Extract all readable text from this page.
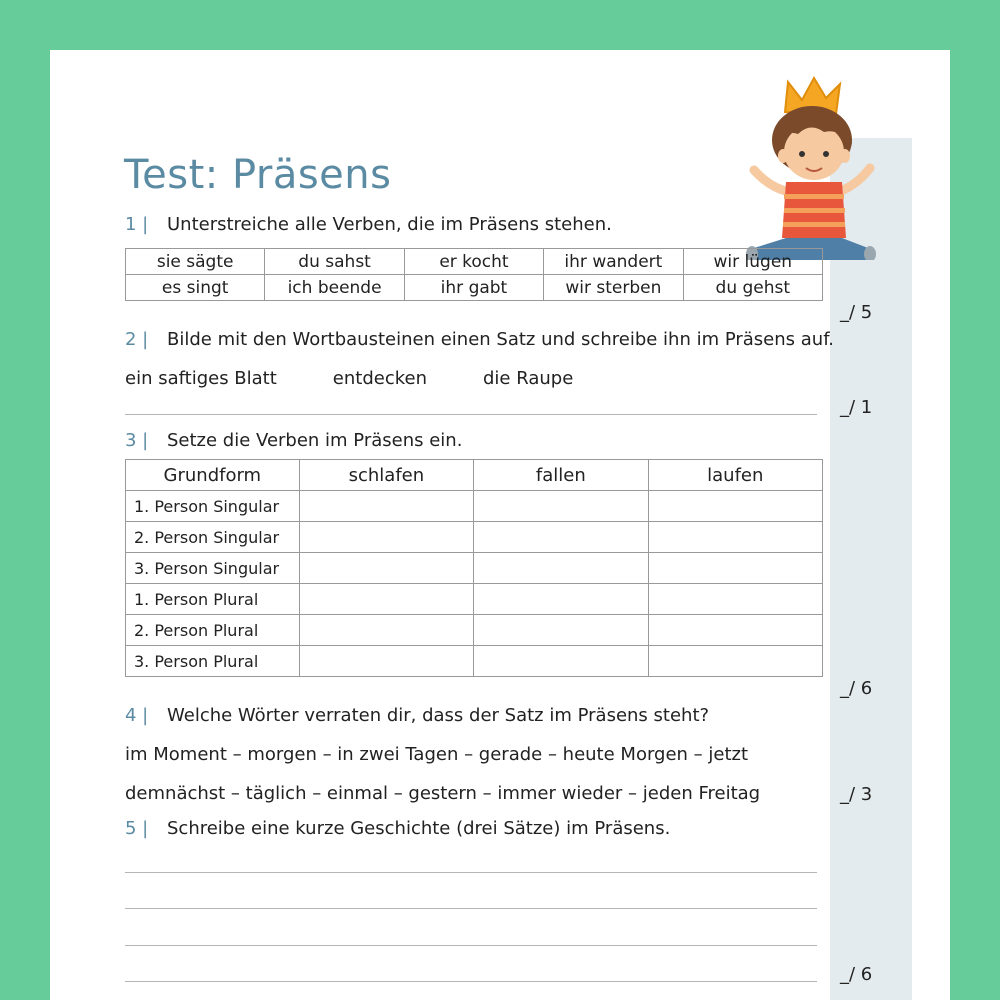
Test: Präsens
1 | Unterstreiche alle Verben, die im Präsens stehen.
sie sägte	du sahst	er kocht	ihr wandert	wir lügen
es singt	ich beende	ihr gabt	wir sterben	du gehst
_/ 5
2 | Bilde mit den Wortbausteinen einen Satz und schreibe ihn im Präsens auf.
ein saftiges Blatt	entdecken	die Raupe
_/ 1
3 | Setze die Verben im Präsens ein.
Grundform	schlafen	fallen	laufen
1. Person Singular			
2. Person Singular			
3. Person Singular			
1. Person Plural			
2. Person Plural			
3. Person Plural			
_/ 6
4 | Welche Wörter verraten dir, dass der Satz im Präsens steht?
im Moment – morgen – in zwei Tagen – gerade – heute Morgen – jetzt
demnächst – täglich – einmal – gestern – immer wieder – jeden Freitag	_/ 3
5 | Schreibe eine kurze Geschichte (drei Sätze) im Präsens.
_/ 6
